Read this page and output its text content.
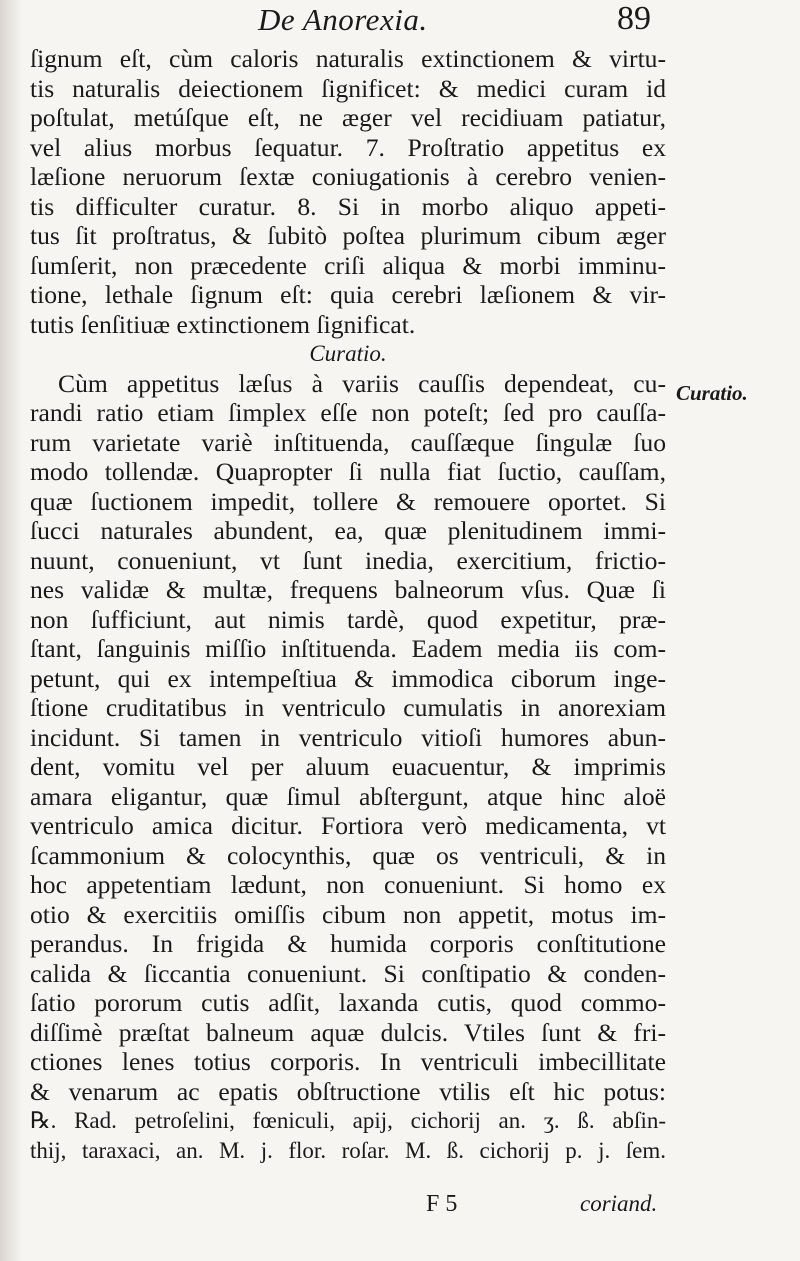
De Anorexia.	89
ſignum eſt, cùm caloris naturalis extinctionem & virtu-
tis naturalis deiectionem ſignificet: & medici curam id
poſtulat, metúſque eſt, ne æger vel recidiuam patiatur,
vel alius morbus ſequatur. 7. Proſtratio appetitus ex
læſione neruorum ſextæ coniugationis à cerebro venien-
tis difficulter curatur. 8. Si in morbo aliquo appeti-
tus ſit proſtratus, & ſubitò poſtea plurimum cibum æger
ſumſerit, non præcedente criſi aliqua & morbi imminu-
tione, lethale ſignum eſt: quia cerebri læſionem & vir-
tutis ſenſitiuæ extinctionem ſignificat.
Curatio.
Cùm appetitus læſus à variis cauſſis dependeat, cu-
randi ratio etiam ſimplex eſſe non poteſt; ſed pro cauſſa-
rum varietate variè inſtituenda, cauſſæque ſingulæ ſuo
modo tollendæ. Quapropter ſi nulla fiat ſuctio, cauſſam,
quæ ſuctionem impedit, tollere & remouere oportet. Si
ſucci naturales abundent, ea, quæ plenitudinem immi-
nuunt, conueniunt, vt ſunt inedia, exercitium, frictio-
nes validæ & multæ, frequens balneorum vſus. Quæ ſi
non ſufficiunt, aut nimis tardè, quod expetitur, præ-
ſtant, ſanguinis miſſio inſtituenda. Eadem media iis com-
petunt, qui ex intempeſtiua & immodica ciborum inge-
ſtione cruditatibus in ventriculo cumulatis in anorexiam
incidunt. Si tamen in ventriculo vitioſi humores abun-
dent, vomitu vel per aluum euacuentur, & imprimis
amara eligantur, quæ ſimul abſtergunt, atque hinc aloë
ventriculo amica dicitur. Fortiora verò medicamenta, vt
ſcammonium & colocynthis, quæ os ventriculi, & in
hoc appetentiam lædunt, non conueniunt. Si homo ex
otio & exercitiis omiſſis cibum non appetit, motus im-
perandus. In frigida & humida corporis conſtitutione
calida & ſiccantia conueniunt. Si conſtipatio & conden-
ſatio pororum cutis adſit, laxanda cutis, quod commo-
diſſimè præſtat balneum aquæ dulcis. Vtiles ſunt & fri-
ctiones lenes totius corporis. In ventriculi imbecillitate
& venarum ac epatis obſtructione vtilis eſt hic potus:
℞. Rad. petroſelini, fœniculi, apij, cichorij an. ʒ. ß. abſin-
thij, taraxaci, an. M. j. flor. roſar. M. ß. cichorij p. j. ſem.
Curatio.
F 5	coriand.
